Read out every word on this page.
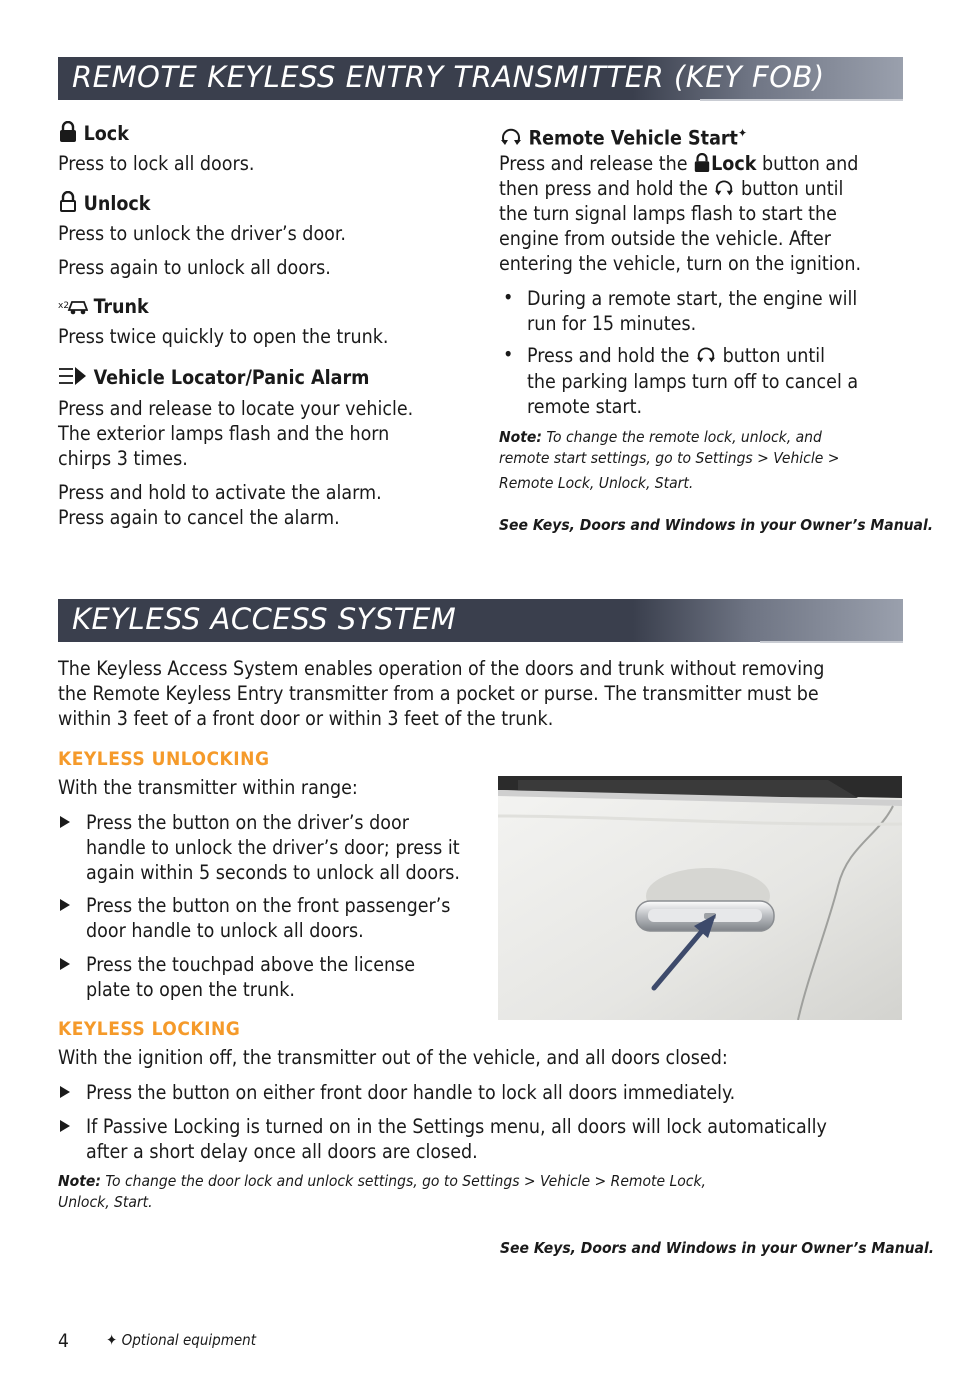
REMOTE KEYLESS ENTRY TRANSMITTER (KEY FOB)
Lock
Press to lock all doors.
Unlock
Press to unlock the driver’s door.
Press again to unlock all doors.
x2 Trunk
Press twice quickly to open the trunk.
Vehicle Locator/Panic Alarm
Press and release to locate your vehicle.
The exterior lamps flash and the horn
chirps 3 times.
Press and hold to activate the alarm.
Press again to cancel the alarm.
Remote Vehicle Start✦
Press and release the Lock button and
then press and hold the button until
the turn signal lamps flash to start the
engine from outside the vehicle. After
entering the vehicle, turn on the ignition.
• During a remote start, the engine will
run for 15 minutes.
• Press and hold the button until
the parking lamps turn off to cancel a
remote start.
Note: To change the remote lock, unlock, and
remote start settings, go to Settings > Vehicle >
Remote Lock, Unlock, Start.
See Keys, Doors and Windows in your Owner’s Manual.
KEYLESS ACCESS SYSTEM
The Keyless Access System enables operation of the doors and trunk without removing
the Remote Keyless Entry transmitter from a pocket or purse. The transmitter must be
within 3 feet of a front door or within 3 feet of the trunk.
KEYLESS UNLOCKING
With the transmitter within range:
Press the button on the driver’s door
handle to unlock the driver’s door; press it
again within 5 seconds to unlock all doors.
Press the button on the front passenger’s
door handle to unlock all doors.
Press the touchpad above the license
plate to open the trunk.
KEYLESS LOCKING
With the ignition off, the transmitter out of the vehicle, and all doors closed:
Press the button on either front door handle to lock all doors immediately.
If Passive Locking is turned on in the Settings menu, all doors will lock automatically
after a short delay once all doors are closed.
Note: To change the door lock and unlock settings, go to Settings > Vehicle > Remote Lock,
Unlock, Start.
See Keys, Doors and Windows in your Owner’s Manual.
4 ✦ Optional equipment
